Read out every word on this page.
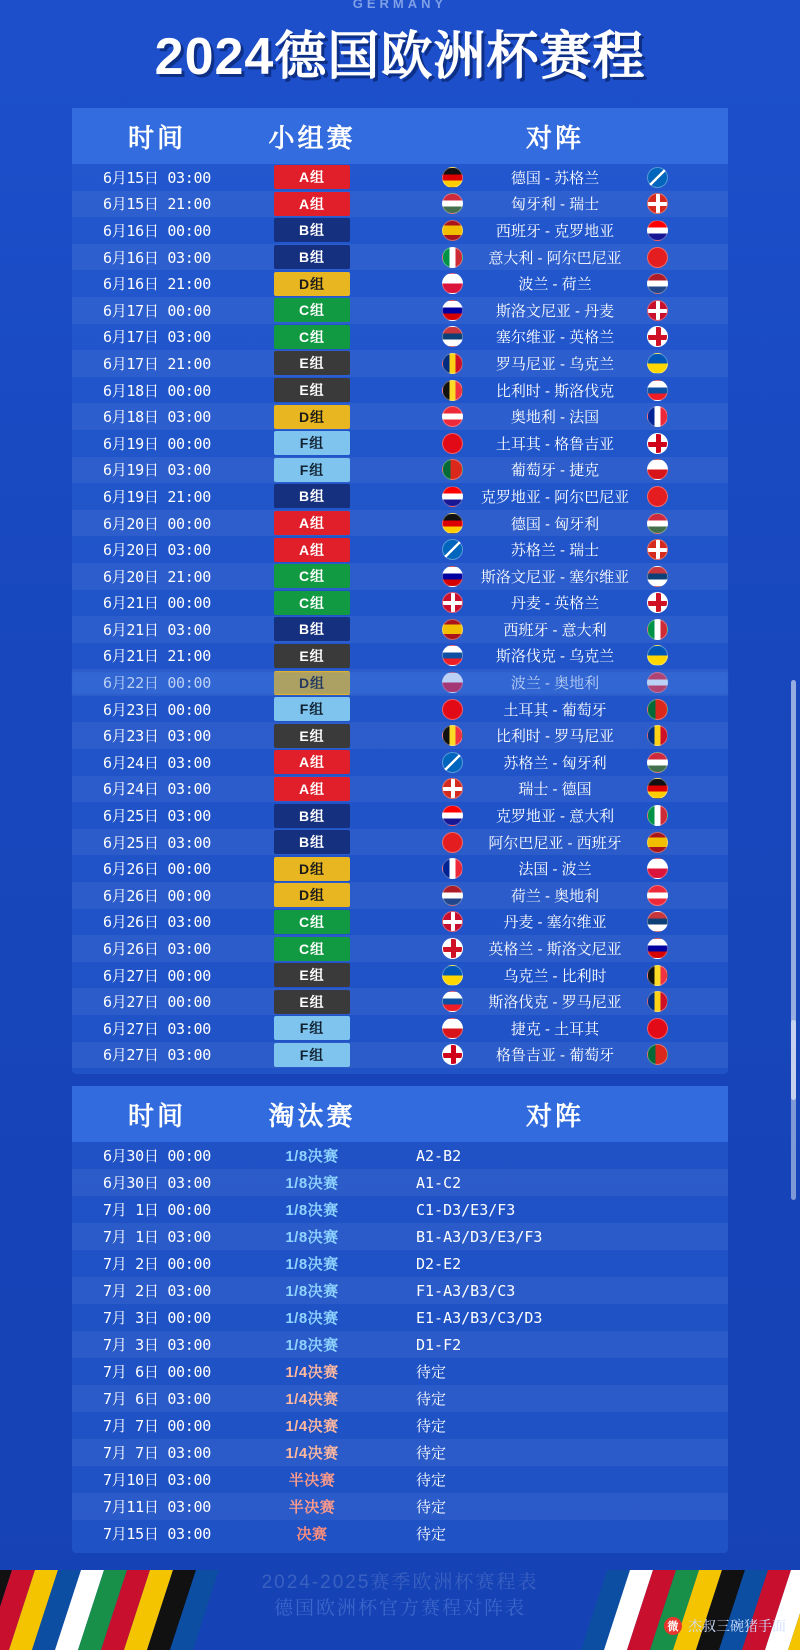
GERMANY
2024德国欧洲杯赛程
时间	小组赛	对阵
6月15日 03:00	A组	德国 - 苏格兰
6月15日 21:00	A组	匈牙利 - 瑞士
6月16日 00:00	B组	西班牙 - 克罗地亚
6月16日 03:00	B组	意大利 - 阿尔巴尼亚
6月16日 21:00	D组	波兰 - 荷兰
6月17日 00:00	C组	斯洛文尼亚 - 丹麦
6月17日 03:00	C组	塞尔维亚 - 英格兰
6月17日 21:00	E组	罗马尼亚 - 乌克兰
6月18日 00:00	E组	比利时 - 斯洛伐克
6月18日 03:00	D组	奥地利 - 法国
6月19日 00:00	F组	土耳其 - 格鲁吉亚
6月19日 03:00	F组	葡萄牙 - 捷克
6月19日 21:00	B组	克罗地亚 - 阿尔巴尼亚
6月20日 00:00	A组	德国 - 匈牙利
6月20日 03:00	A组	苏格兰 - 瑞士
6月20日 21:00	C组	斯洛文尼亚 - 塞尔维亚
6月21日 00:00	C组	丹麦 - 英格兰
6月21日 03:00	B组	西班牙 - 意大利
6月21日 21:00	E组	斯洛伐克 - 乌克兰
6月22日 00:00	D组	波兰 - 奥地利
6月23日 00:00	F组	土耳其 - 葡萄牙
6月23日 03:00	E组	比利时 - 罗马尼亚
6月24日 03:00	A组	苏格兰 - 匈牙利
6月24日 03:00	A组	瑞士 - 德国
6月25日 03:00	B组	克罗地亚 - 意大利
6月25日 03:00	B组	阿尔巴尼亚 - 西班牙
6月26日 00:00	D组	法国 - 波兰
6月26日 00:00	D组	荷兰 - 奥地利
6月26日 03:00	C组	丹麦 - 塞尔维亚
6月26日 03:00	C组	英格兰 - 斯洛文尼亚
6月27日 00:00	E组	乌克兰 - 比利时
6月27日 00:00	E组	斯洛伐克 - 罗马尼亚
6月27日 03:00	F组	捷克 - 土耳其
6月27日 03:00	F组	格鲁吉亚 - 葡萄牙
时间	淘汰赛	对阵
6月30日 00:00	1/8决赛	A2-B2
6月30日 03:00	1/8决赛	A1-C2
7月 1日 00:00	1/8决赛	C1-D3/E3/F3
7月 1日 03:00	1/8决赛	B1-A3/D3/E3/F3
7月 2日 00:00	1/8决赛	D2-E2
7月 2日 03:00	1/8决赛	F1-A3/B3/C3
7月 3日 00:00	1/8决赛	E1-A3/B3/C3/D3
7月 3日 03:00	1/8决赛	D1-F2
7月 6日 00:00	1/4决赛	待定
7月 6日 03:00	1/4决赛	待定
7月 7日 00:00	1/4决赛	待定
7月 7日 03:00	1/4决赛	待定
7月10日 03:00	半决赛	待定
7月11日 03:00	半决赛	待定
7月15日 03:00	决赛	待定
2024-2025赛季欧洲杯赛程表
德国欧洲杯官方赛程对阵表
微 杰叔三碗猪手面
